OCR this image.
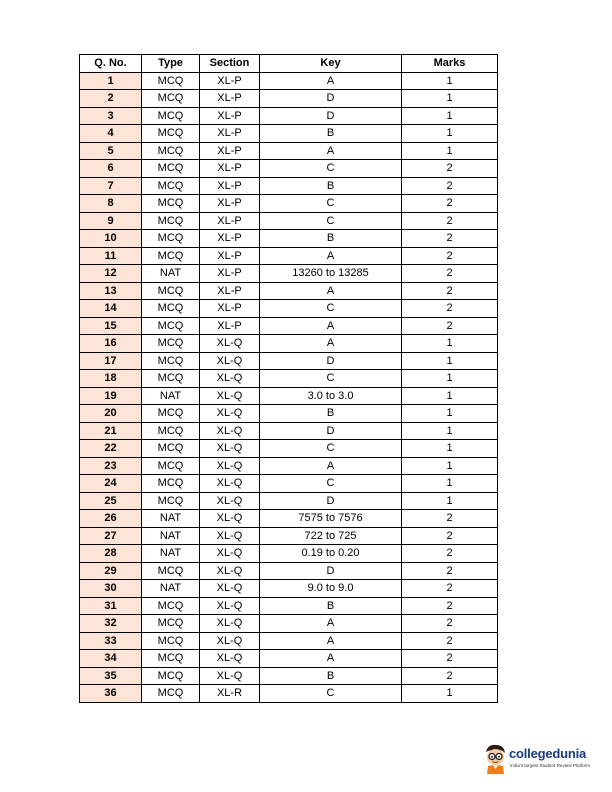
Q. No.	Type	Section	Key	Marks
1	MCQ	XL-P	A	1
2	MCQ	XL-P	D	1
3	MCQ	XL-P	D	1
4	MCQ	XL-P	B	1
5	MCQ	XL-P	A	1
6	MCQ	XL-P	C	2
7	MCQ	XL-P	B	2
8	MCQ	XL-P	C	2
9	MCQ	XL-P	C	2
10	MCQ	XL-P	B	2
11	MCQ	XL-P	A	2
12	NAT	XL-P	13260 to 13285	2
13	MCQ	XL-P	A	2
14	MCQ	XL-P	C	2
15	MCQ	XL-P	A	2
16	MCQ	XL-Q	A	1
17	MCQ	XL-Q	D	1
18	MCQ	XL-Q	C	1
19	NAT	XL-Q	3.0 to 3.0	1
20	MCQ	XL-Q	B	1
21	MCQ	XL-Q	D	1
22	MCQ	XL-Q	C	1
23	MCQ	XL-Q	A	1
24	MCQ	XL-Q	C	1
25	MCQ	XL-Q	D	1
26	NAT	XL-Q	7575 to 7576	2
27	NAT	XL-Q	722 to 725	2
28	NAT	XL-Q	0.19 to 0.20	2
29	MCQ	XL-Q	D	2
30	NAT	XL-Q	9.0 to 9.0	2
31	MCQ	XL-Q	B	2
32	MCQ	XL-Q	A	2
33	MCQ	XL-Q	A	2
34	MCQ	XL-Q	A	2
35	MCQ	XL-Q	B	2
36	MCQ	XL-R	C	1
collegedunia
India's largest Student Review Platform
